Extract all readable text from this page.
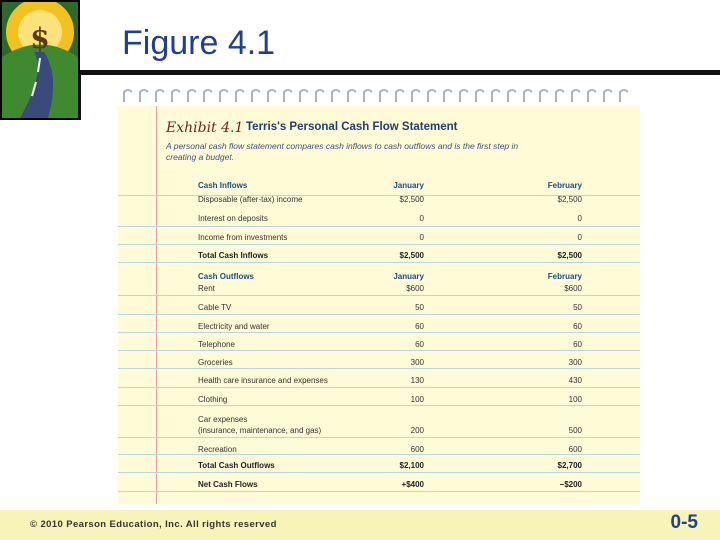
$ Figure 4.1
Exhibit 4.1 Terris's Personal Cash Flow Statement
A personal cash flow statement compares cash inflows to cash outflows and is the first step in creating a budget.
Cash Inflows	January	February
Disposable (after-tax) income	$2,500	$2,500
Interest on deposits	0	0
Income from investments	0	0
Total Cash Inflows	$2,500	$2,500
Cash Outflows	January	February
Rent	$600	$600
Cable TV	50	50
Electricity and water	60	60
Telephone	60	60
Groceries	300	300
Health care insurance and expenses	130	430
Clothing	100	100
Car expenses
(insurance, maintenance, and gas)	200	500
Recreation	600	600
Total Cash Outflows	$2,100	$2,700
Net Cash Flows	+$400	−$200
© 2010 Pearson Education, Inc. All rights reserved	0-5
